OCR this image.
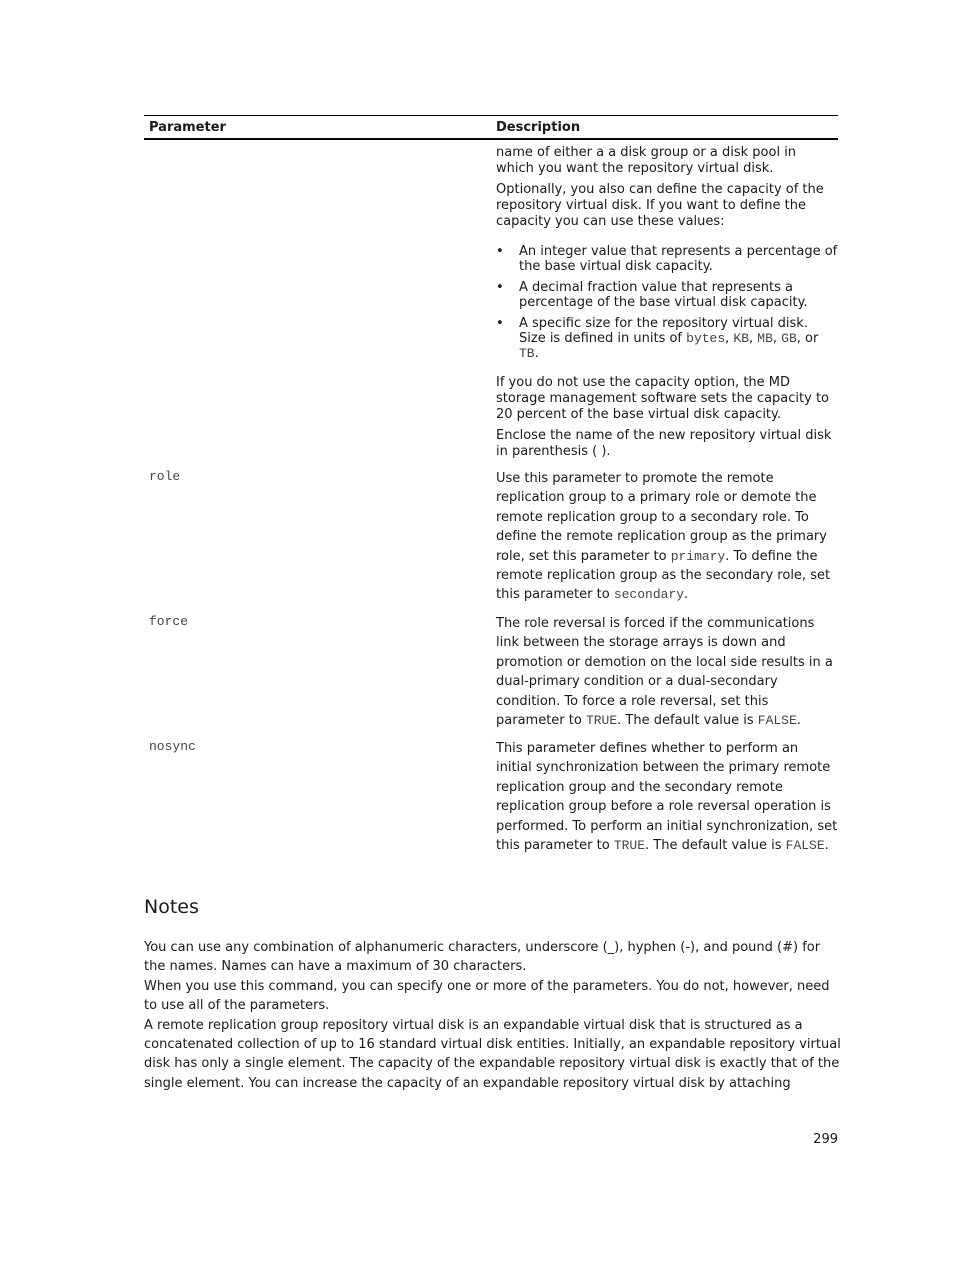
Parameter	Description

name of either a a disk group or a disk pool in which you want the repository virtual disk.

Optionally, you also can define the capacity of the repository virtual disk. If you want to define the capacity you can use these values:

• An integer value that represents a percentage of the base virtual disk capacity.
• A decimal fraction value that represents a percentage of the base virtual disk capacity.
• A specific size for the repository virtual disk. Size is defined in units of bytes, KB, MB, GB, or TB.

If you do not use the capacity option, the MD storage management software sets the capacity to 20 percent of the base virtual disk capacity.

Enclose the name of the new repository virtual disk in parenthesis ( ).

role	Use this parameter to promote the remote replication group to a primary role or demote the remote replication group to a secondary role. To define the remote replication group as the primary role, set this parameter to primary. To define the remote replication group as the secondary role, set this parameter to secondary.

force	The role reversal is forced if the communications link between the storage arrays is down and promotion or demotion on the local side results in a dual-primary condition or a dual-secondary condition. To force a role reversal, set this parameter to TRUE. The default value is FALSE.

nosync	This parameter defines whether to perform an initial synchronization between the primary remote replication group and the secondary remote replication group before a role reversal operation is performed. To perform an initial synchronization, set this parameter to TRUE. The default value is FALSE.

Notes

You can use any combination of alphanumeric characters, underscore (_), hyphen (-), and pound (#) for the names. Names can have a maximum of 30 characters.

When you use this command, you can specify one or more of the parameters. You do not, however, need to use all of the parameters.

A remote replication group repository virtual disk is an expandable virtual disk that is structured as a concatenated collection of up to 16 standard virtual disk entities. Initially, an expandable repository virtual disk has only a single element. The capacity of the expandable repository virtual disk is exactly that of the single element. You can increase the capacity of an expandable repository virtual disk by attaching

299
